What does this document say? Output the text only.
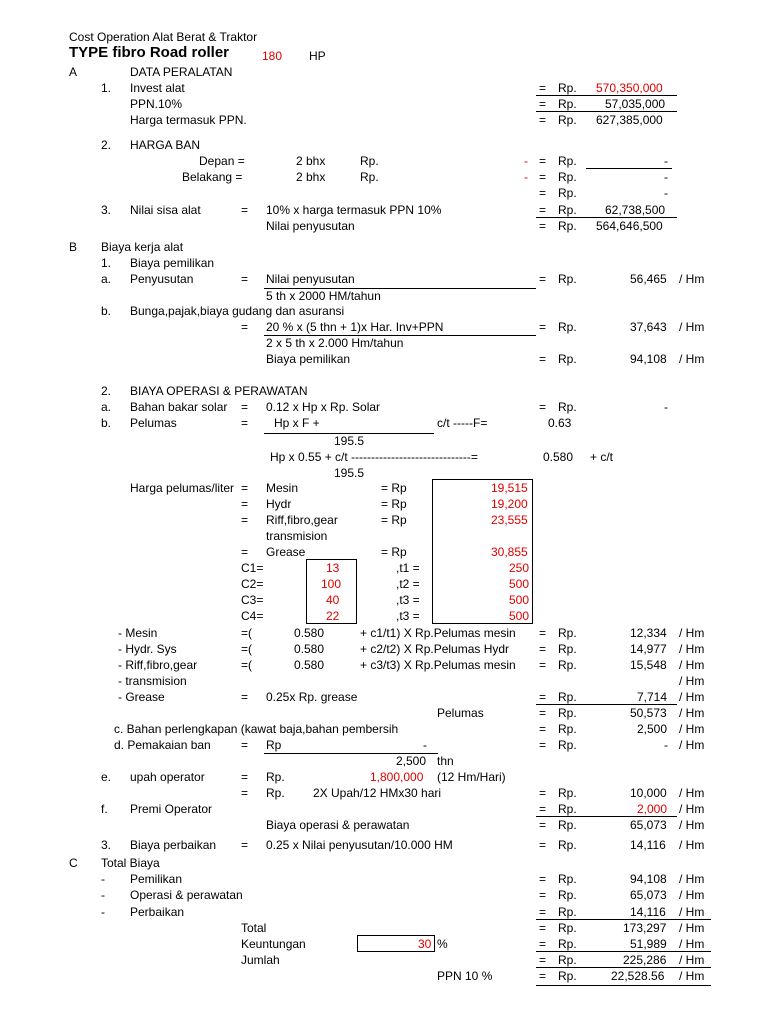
Cost Operation Alat Berat & Traktor
TYPE fibro Road roller	180 HP
A	DATA PERALATAN
1. Invest alat	= Rp. 570,350,000
PPN.10%	= Rp. 57,035,000
Harga termasuk PPN.	= Rp. 627,385,000
2. HARGA BAN
Depan =	2 bhx	Rp.	- = Rp.	-
Belakang =	2 bhx	Rp.	- = Rp.	-
= Rp.	-
3. Nilai sisa alat	= 10% x harga termasuk PPN 10%	= Rp. 62,738,500
Nilai penyusutan	= Rp. 564,646,500
B Biaya kerja alat
1. Biaya pemilikan
a. Penyusutan	= Nilai penyusutan	= Rp.	56,465 / Hm
5 th x 2000 HM/tahun
b. Bunga,pajak,biaya gudang dan asuransi
= 20 % x (5 thn + 1)x Har. Inv+PPN	= Rp.	37,643 / Hm
2 x 5 th x 2.000 Hm/tahun
Biaya pemilikan	= Rp.	94,108 / Hm
2. BIAYA OPERASI & PERAWATAN
a. Bahan bakar solar = 0.12 x Hp x Rp. Solar	= Rp.	-
b. Pelumas	= Hp x F +	c/t -----F=	0.63
195.5
Hp x 0.55 + c/t ------------------------------=	0.580 + c/t
195.5
Harga pelumas/liter = Mesin	= Rp	19,515
= Hydr	= Rp	19,200
= Riff,fibro,gear	= Rp	23,555
transmision
= Grease	= Rp	30,855
C1=	13	,t1 =	250
C2=	100	,t2 =	500
C3=	40	,t3 =	500
C4=	22	,t3 =	500
- Mesin	=(	0.580	+ c1/t1) X Rp.Pelumas mesin = Rp.	12,334 / Hm
- Hydr. Sys	=(	0.580	+ c2/t2) X Rp.Pelumas Hydr = Rp.	14,977 / Hm
- Riff,fibro,gear	=(	0.580	+ c3/t3) X Rp.Pelumas mesin = Rp.	15,548 / Hm
- transmision	/ Hm
- Grease	= 0.25x Rp. grease	= Rp.	7,714 / Hm
Pelumas	= Rp.	50,573 / Hm
c. Bahan perlengkapan (kawat baja,bahan pembersih	= Rp.	2,500 / Hm
d. Pemakaian ban	= Rp	-	= Rp.	- / Hm
2,500 thn
e. upah operator	= Rp.	1,800,000 (12 Hm/Hari)
= Rp. 2X Upah/12 HMx30 hari	= Rp.	10,000 / Hm
f. Premi Operator	= Rp.	2,000 / Hm
Biaya operasi & perawatan	= Rp.	65,073 / Hm
3. Biaya perbaikan = 0.25 x Nilai penyusutan/10.000 HM	= Rp.	14,116 / Hm
C Total Biaya
- Pemilikan	= Rp.	94,108 / Hm
- Operasi & perawatan	= Rp.	65,073 / Hm
- Perbaikan	= Rp.	14,116 / Hm
Total	= Rp.	173,297 / Hm
Keuntungan	30 %	= Rp.	51,989 / Hm
Jumlah	= Rp.	225,286 / Hm
PPN 10 %	= Rp.	22,528.56 / Hm
